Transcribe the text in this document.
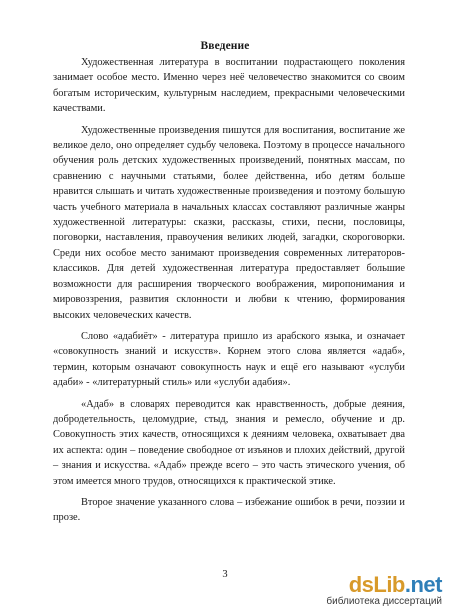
Введение

Художественная литература в воспитании подрастающего поколения занимает особое место. Именно через неё человечество знакомится со своим богатым историческим, культурным наследием, прекрасными человеческими качествами.

Художественные произведения пишутся для воспитания, воспитание же великое дело, оно определяет судьбу человека. Поэтому в процессе начального обучения роль детских художественных произведений, понятных массам, по сравнению с научными статьями, более действенна, ибо детям больше нравится слышать и читать художественные произведения и поэтому большую часть учебного материала в начальных классах составляют различные жанры художественной литературы: сказки, рассказы, стихи, песни, пословицы, поговорки, наставления, правоучения великих людей, загадки, скороговорки. Среди них особое место занимают произведения современных литераторов-классиков. Для детей художественная литература предоставляет большие возможности для расширения творческого воображения, миропонимания и мировоззрения, развития склонности и любви к чтению, формирования высоких человеческих качеств.

Слово «адабиёт» - литература пришло из арабского языка, и означает «совокупность знаний и искусств». Корнем этого слова является «адаб», термин, которым означают совокупность наук и ещё его называют «услуби адаби» - «литературный стиль» или «услуби адабия».

«Адаб» в словарях переводится как нравственность, добрые деяния, добродетельность, целомудрие, стыд, знания и ремесло, обучение и др. Совокупность этих качеств, относящихся к деяниям человека, охватывает два их аспекта: один – поведение свободное от изъянов и плохих действий, другой – знания и искусства. «Адаб» прежде всего – это часть этического учения, об этом имеется много трудов, относящихся к практической этике.

Второе значение указанного слова – избежание ошибок в речи, поэзии и прозе.

3	dsLib.net
библиотека диссертаций
